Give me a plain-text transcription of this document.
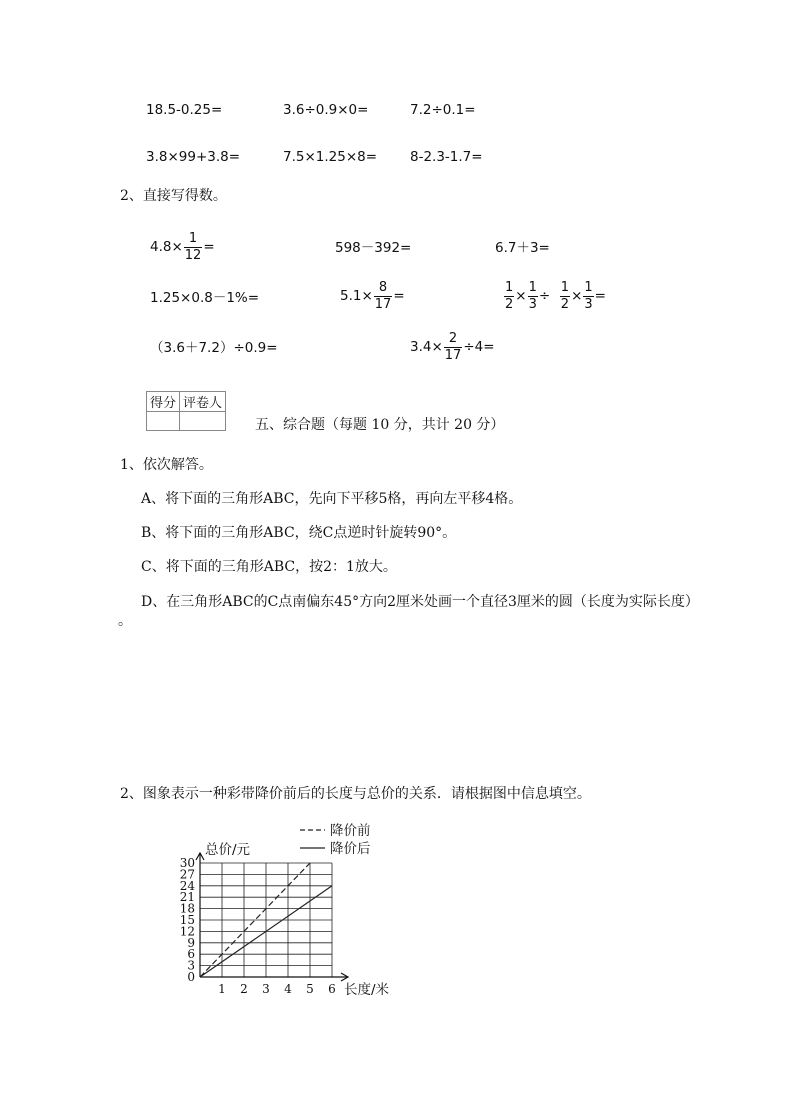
18.5-0.25=	3.6÷0.9×0=	7.2÷0.1=
3.8×99+3.8=	7.5×1.25×8= 8-2.3-1.7=
2、直接写得数。
$4.8\times \frac{1}{12}$ =	598－392=	6.7＋3=
1.25×0.8－1%=	$5.1\times \frac{8}{17}$ =	$\frac{1}{2} \times \frac{1}{3} \div \frac{1}{2} \times \frac{1}{3}$ =
（3.6＋7.2）÷0.9=	$3.4\times \frac{2}{17} \div 4=$
得分	评卷人

五、综合题（每题 10 分，共计 20 分）
1、依次解答。
A、将下面的三角形ABC，先向下平移5格，再向左平移4格。
B、将下面的三角形ABC，绕C点逆时针旋转90°。
C、将下面的三角形ABC，按2：1放大。
D、在三角形ABC的C点南偏东45°方向2厘米处画一个直径3厘米的圆（长度为实际长度）
。
2、图象表示一种彩带降价前后的长度与总价的关系．请根据图中信息填空。
0
3
6
9
12
15
18
21
24
27
30
1 2 3 4 5 6
总价/元
长度/米
降价前
降价后
